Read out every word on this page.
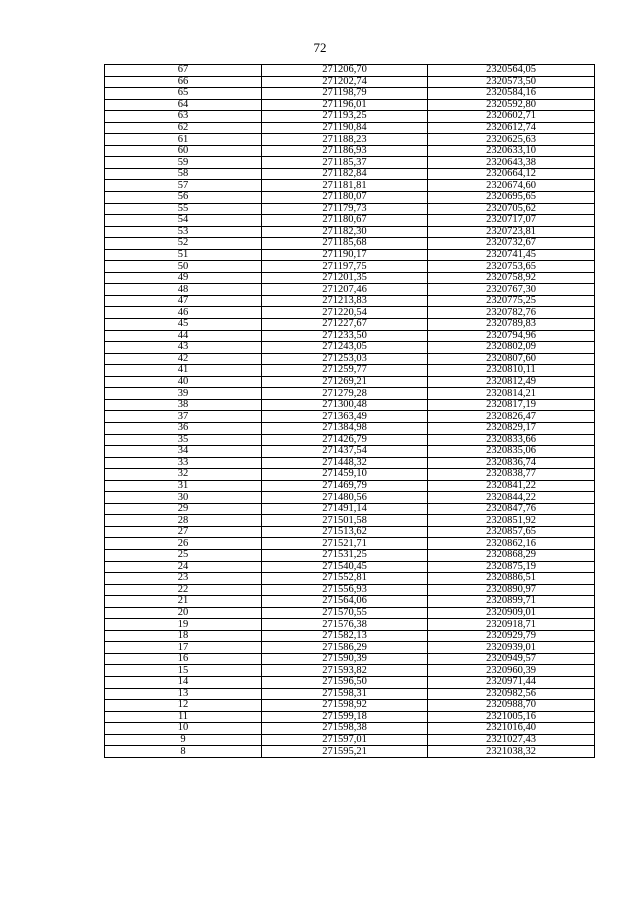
72
67	271206,70	2320564,05
66	271202,74	2320573,50
65	271198,79	2320584,16
64	271196,01	2320592,80
63	271193,25	2320602,71
62	271190,84	2320612,74
61	271188,23	2320625,63
60	271186,93	2320633,10
59	271185,37	2320643,38
58	271182,84	2320664,12
57	271181,81	2320674,60
56	271180,07	2320695,65
55	271179,73	2320705,62
54	271180,67	2320717,07
53	271182,30	2320723,81
52	271185,68	2320732,67
51	271190,17	2320741,45
50	271197,75	2320753,65
49	271201,35	2320758,92
48	271207,46	2320767,30
47	271213,83	2320775,25
46	271220,54	2320782,76
45	271227,67	2320789,83
44	271233,50	2320794,96
43	271243,05	2320802,09
42	271253,03	2320807,60
41	271259,77	2320810,11
40	271269,21	2320812,49
39	271279,28	2320814,21
38	271300,48	2320817,19
37	271363,49	2320826,47
36	271384,98	2320829,17
35	271426,79	2320833,66
34	271437,54	2320835,06
33	271448,32	2320836,74
32	271459,10	2320838,77
31	271469,79	2320841,22
30	271480,56	2320844,22
29	271491,14	2320847,76
28	271501,58	2320851,92
27	271513,62	2320857,65
26	271521,71	2320862,16
25	271531,25	2320868,29
24	271540,45	2320875,19
23	271552,81	2320886,51
22	271556,93	2320890,97
21	271564,06	2320899,71
20	271570,55	2320909,01
19	271576,38	2320918,71
18	271582,13	2320929,79
17	271586,29	2320939,01
16	271590,39	2320949,57
15	271593,82	2320960,39
14	271596,50	2320971,44
13	271598,31	2320982,56
12	271598,92	2320988,70
11	271599,18	2321005,16
10	271598,38	2321016,40
9	271597,01	2321027,43
8	271595,21	2321038,32
